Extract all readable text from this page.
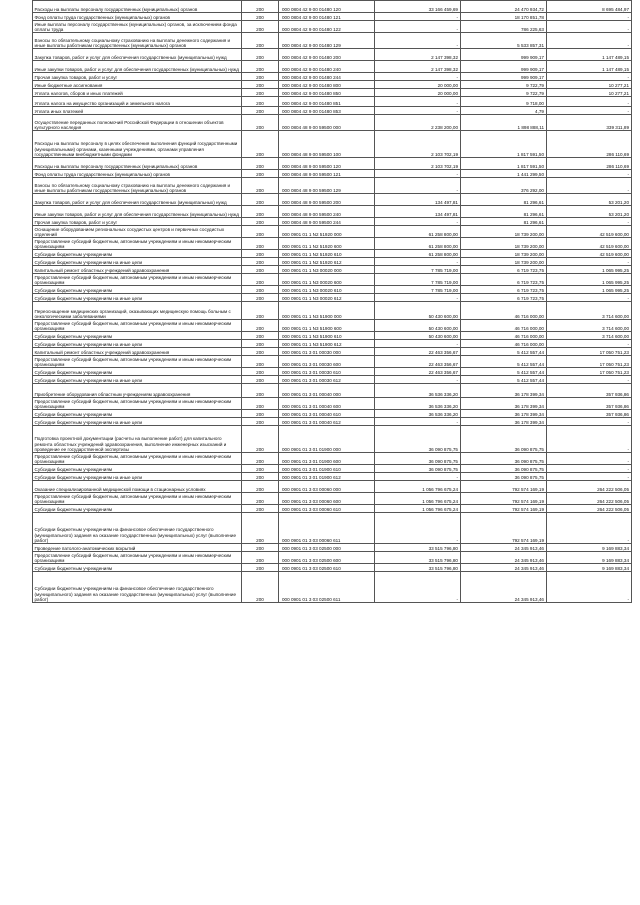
Расходы на выплаты персоналу государственных (муниципальных) органов	200	000 0804 42 9 00 01480 120	33 166 459,69	24 470 934,72	8 695 484,97
Фонд оплаты труда государственных (муниципальных) органов	200	000 0804 42 9 00 01480 121	-	18 170 851,78	-
Иные выплаты персоналу государственных (муниципальных) органов, за исключением фонда оплаты труда	200	000 0804 42 9 00 01480 122	-	786 225,63	-
Взносы по обязательному социальному страхованию на выплаты денежного содержания и иные выплаты работникам государственных (муниципальных) органов	200	000 0804 42 9 00 01480 129	-	5 533 857,31	-
Закупка товаров, работ и услуг для обеспечения государственных (муниципальных) нужд	200	000 0804 42 9 00 01480 200	2 147 398,32	999 909,17	1 147 489,15
Иные закупки товаров, работ и услуг для обеспечения государственных (муниципальных) нужд	200	000 0804 42 9 00 01480 240	2 147 398,32	999 909,17	1 147 489,15
Прочая закупка товаров, работ и услуг	200	000 0804 42 9 00 01480 244	-	999 909,17	-
Иные бюджетные ассигнования	200	000 0804 42 9 00 01480 800	20 000,00	9 722,79	10 277,21
Уплата налогов, сборов и иных платежей	200	000 0804 42 9 00 01480 850	20 000,00	9 722,79	10 277,21
Уплата налога на имущество организаций и земельного налога	200	000 0804 42 9 00 01480 851	-	9 718,00	-
Уплата иных платежей	200	000 0804 42 9 00 01480 853	-	4,79	-
Осуществление переданных полномочий Российской Федерации в отношении объектов культурного наследия	200	000 0804 48 9 00 59500 000	2 238 200,00	1 898 888,11	339 311,89
Расходы на выплаты персоналу в целях обеспечения выполнения функций государственными (муниципальными) органами, казенными учреждениями, органами управления государственными внебюджетными фондами	200	000 0804 48 9 00 59500 100	2 103 702,19	1 817 591,50	286 110,69
Расходы на выплаты персоналу государственных (муниципальных) органов	200	000 0804 48 9 00 59500 120	2 103 702,19	1 817 591,50	286 110,69
Фонд оплаты труда государственных (муниципальных) органов	200	000 0804 48 9 00 59500 121	-	1 441 299,50	-
Взносы по обязательному социальному страхованию на выплаты денежного содержания и иные выплаты работникам государственных (муниципальных) органов	200	000 0804 48 9 00 59500 129	-	376 292,00	-
Закупка товаров, работ и услуг для обеспечения государственных (муниципальных) нужд	200	000 0804 48 9 00 59500 200	134 497,81	81 296,61	53 201,20
Иные закупки товаров, работ и услуг для обеспечения государственных (муниципальных) нужд	200	000 0804 48 9 00 59500 240	134 497,81	81 296,61	53 201,20
Прочая закупка товаров, работ и услуг	200	000 0804 48 9 00 59500 244	-	81 296,61	-
Оснащение оборудованием региональных сосудистых центров и первичных сосудистых отделений	200	000 0901 01 1 N2 51920 000	61 258 800,00	18 739 200,00	42 519 600,00
Предоставление субсидий бюджетным, автономным учреждениям и иным некоммерческим организациям	200	000 0901 01 1 N2 51920 600	61 258 800,00	18 739 200,00	42 519 600,00
Субсидии бюджетным учреждениям	200	000 0901 01 1 N2 51920 610	61 258 800,00	18 739 200,00	42 519 600,00
Субсидии бюджетным учреждениям на иные цели	200	000 0901 01 1 N2 51920 612	-	18 739 200,00	-
Капитальный ремонт областных учреждений здравоохранения	200	000 0901 01 1 N3 00020 000	7 785 719,00	6 719 723,75	1 065 995,25
Предоставление субсидий бюджетным, автономным учреждениям и иным некоммерческим организациям	200	000 0901 01 1 N3 00020 600	7 785 719,00	6 719 723,75	1 065 995,25
Субсидии бюджетным учреждениям	200	000 0901 01 1 N3 00020 610	7 785 719,00	6 719 723,75	1 065 995,25
Субсидии бюджетным учреждениям на иные цели	200	000 0901 01 1 N3 00020 612	-	6 719 723,75	-
Переоснащение медицинских организаций, оказывающих медицинскую помощь больным с онкологическими заболеваниями	200	000 0901 01 1 N3 51900 000	50 430 600,00	46 716 000,00	3 714 600,00
Предоставление субсидий бюджетным, автономным учреждениям и иным некоммерческим организациям	200	000 0901 01 1 N3 51900 600	50 430 600,00	46 716 000,00	3 714 600,00
Субсидии бюджетным учреждениям	200	000 0901 01 1 N3 51900 610	50 430 600,00	46 716 000,00	3 714 600,00
Субсидии бюджетным учреждениям на иные цели	200	000 0901 01 1 N3 51900 612	-	46 716 000,00	-
Капитальный ремонт областных учреждений здравоохранения	200	000 0901 01 3 01 00030 000	22 463 356,67	5 412 557,44	17 050 751,23
Предоставление субсидий бюджетным, автономным учреждениям и иным некоммерческим организациям	200	000 0901 01 3 01 00030 600	22 463 356,67	5 412 557,44	17 050 751,23
Субсидии бюджетным учреждениям	200	000 0901 01 3 01 00030 610	22 463 356,67	5 412 557,44	17 050 751,23
Субсидии бюджетным учреждениям на иные цели	200	000 0901 01 3 01 00030 612	-	5 412 557,44	-
Приобретение оборудования областным учреждениям здравоохранения	200	000 0901 01 3 01 00040 000	36 536 336,20	36 178 399,34	357 936,86
Предоставление субсидий бюджетным, автономным учреждениям и иным некоммерческим организациям	200	000 0901 01 3 01 00040 600	36 536 336,20	36 178 399,34	357 936,86
Субсидии бюджетным учреждениям	200	000 0901 01 3 01 00040 610	36 536 336,20	36 178 399,34	357 936,86
Субсидии бюджетным учреждениям на иные цели	200	000 0901 01 3 01 00040 612	-	36 178 399,34	-
Подготовка проектной документации (расчеты на выполнение работ) для капитального ремонта областных учреждений здравоохранения, выполнение инженерных изысканий и проведение ее государственной экспертизы	200	000 0901 01 3 01 01900 000	36 090 875,75	36 090 875,75	-
Предоставление субсидий бюджетным, автономным учреждениям и иным некоммерческим организациям	200	000 0901 01 3 01 01900 600	36 090 875,75	36 090 875,75	-
Субсидии бюджетным учреждениям	200	000 0901 01 3 01 01900 610	36 090 875,75	36 090 875,75	-
Субсидии бюджетным учреждениям на иные цели	200	000 0901 01 3 01 01900 612	-	36 090 875,75	-
Оказание специализированной медицинской помощи в стационарных условиях	200	000 0901 01 3 03 00060 000	1 056 796 675,24	792 574 169,19	264 222 506,05
Предоставление субсидий бюджетным, автономным учреждениям и иным некоммерческим организациям	200	000 0901 01 3 03 00060 600	1 056 796 675,24	792 574 169,19	264 222 506,05
Субсидии бюджетным учреждениям	200	000 0901 01 3 03 00060 610	1 056 796 675,24	792 574 169,19	264 222 506,05
Субсидии бюджетным учреждениям на финансовое обеспечение государственного (муниципального) задания на оказание государственных (муниципальных) услуг (выполнение работ)	200	000 0901 01 3 03 00060 611	-	792 574 169,19	-
Проведение патолого-анатомических вскрытий	200	000 0901 01 3 03 02500 000	33 515 796,80	24 345 913,46	9 169 883,34
Предоставление субсидий бюджетным, автономным учреждениям и иным некоммерческим организациям	200	000 0901 01 3 03 02500 600	33 515 796,80	24 345 913,46	9 169 883,34
Субсидии бюджетным учреждениям	200	000 0901 01 3 03 02500 610	33 515 796,80	24 345 913,46	9 169 883,34
Субсидии бюджетным учреждениям на финансовое обеспечение государственного (муниципального) задания на оказание государственных (муниципальных) услуг (выполнение работ)	200	000 0901 01 3 03 02500 611	-	24 345 913,46	-
